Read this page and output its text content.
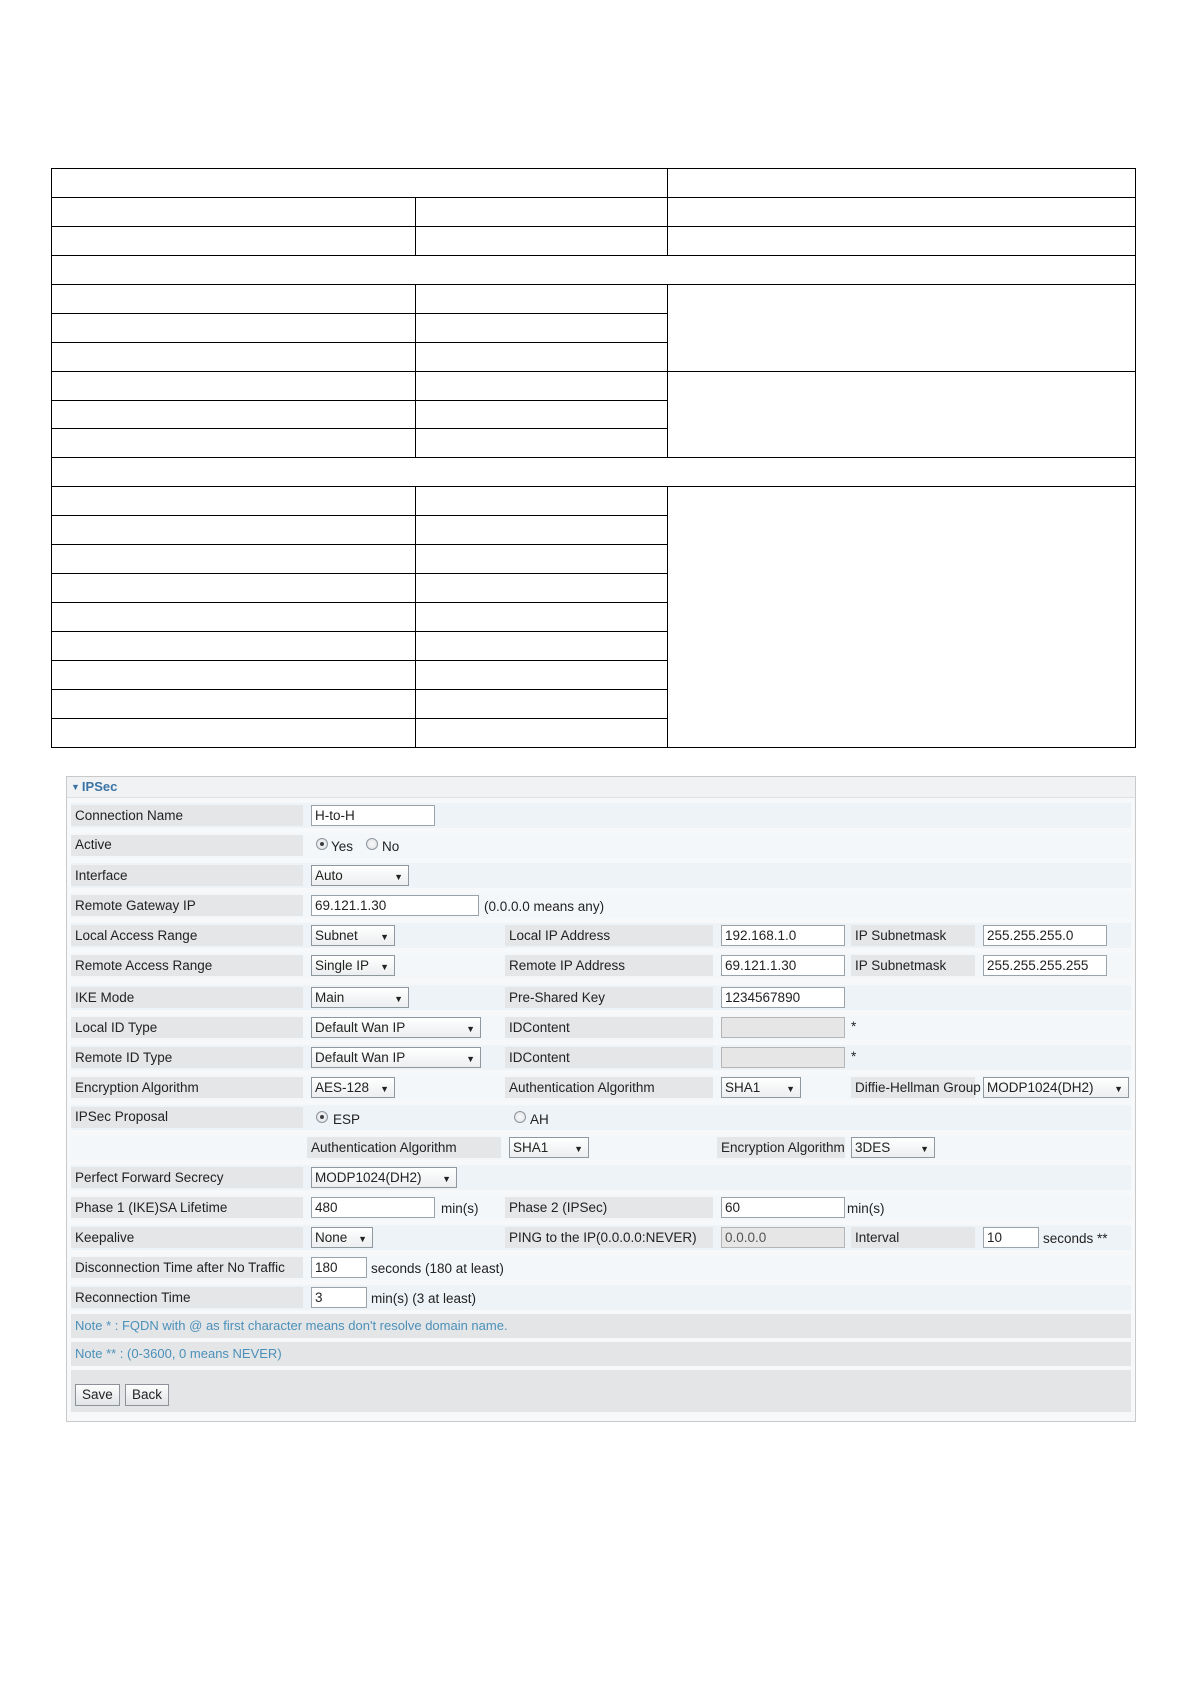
▼ IPSec
Connection Name	H-to-H
Active	Yes No
Interface	Auto	▼
Remote Gateway IP	69.121.1.30	(0.0.0.0 means any)
Local Access Range	Subnet ▼	Local IP Address	192.168.1.0	IP Subnetmask	255.255.255.0
Remote Access Range	Single IP ▼	Remote IP Address	69.121.1.30	IP Subnetmask	255.255.255.255
IKE Mode	Main	▼	Pre-Shared Key	1234567890
Local ID Type	Default Wan IP	▼	IDContent	*
Remote ID Type	Default Wan IP	▼	IDContent	*
Encryption Algorithm	AES-128 ▼	Authentication Algorithm	SHA1	▼	Diffie-Hellman Group MODP1024(DH2) ▼
IPSec Proposal	ESP	AH
Authentication Algorithm	SHA1	▼	Encryption Algorithm 3DES	▼
Perfect Forward Secrecy	MODP1024(DH2) ▼
Phase 1 (IKE)SA Lifetime	480	min(s) Phase 2 (IPSec)	60	min(s)
Keepalive	None ▼	PING to the IP(0.0.0.0:NEVER) 0.0.0.0	Interval	10	seconds **
Disconnection Time after No Traffic 180	seconds (180 at least)
Reconnection Time	3	min(s) (3 at least)
Note * : FQDN with @ as first character means don't resolve domain name.
Note ** : (0-3600, 0 means NEVER)
Save	Back
